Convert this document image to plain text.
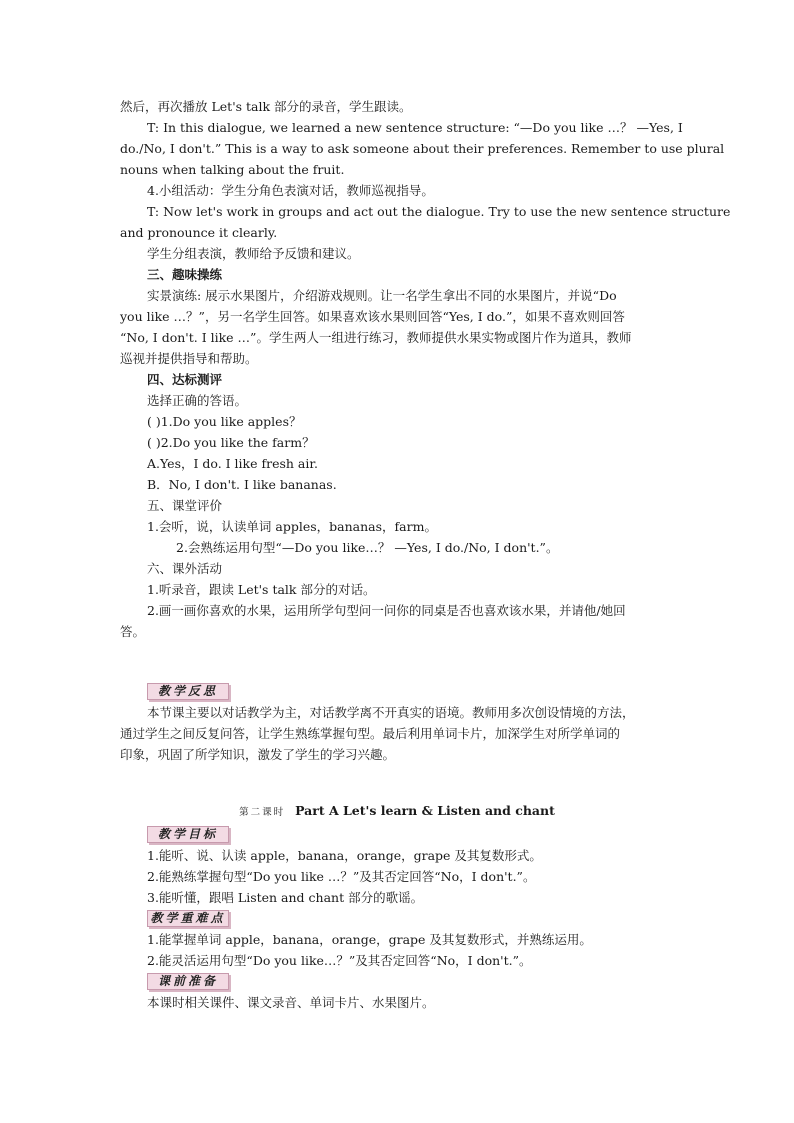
然后，再次播放 Let's talk 部分的录音，学生跟读。
T: In this dialogue, we learned a new sentence structure: “—Do you like …？ —Yes, I
do./No, I don't.” This is a way to ask someone about their preferences. Remember to use plural
nouns when talking about the fruit.
4.小组活动：学生分角色表演对话，教师巡视指导。
T: Now let's work in groups and act out the dialogue. Try to use the new sentence structure
and pronounce it clearly.
学生分组表演，教师给予反馈和建议。
三、趣味操练
实景演练: 展示水果图片，介绍游戏规则。让一名学生拿出不同的水果图片，并说“Do
you like …？”，另一名学生回答。如果喜欢该水果则回答“Yes, I do.”，如果不喜欢则回答
“No, I don't. I like …”。学生两人一组进行练习，教师提供水果实物或图片作为道具，教师
巡视并提供指导和帮助。
四、达标测评
选择正确的答语。
( )1.Do you like apples？
( )2.Do you like the farm？
A.Yes，I do. I like fresh air.
B．No, I don't. I like bananas.
五、课堂评价
1.会听，说，认读单词 apples，bananas，farm。
2.会熟练运用句型“—Do you like…？ —Yes, I do./No, I don't.”。
六、课外活动
1.听录音，跟读 Let's talk 部分的对话。
2.画一画你喜欢的水果，运用所学句型问一问你的同桌是否也喜欢该水果，并请他/她回
答。
教学反思
本节课主要以对话教学为主，对话教学离不开真实的语境。教师用多次创设情境的方法，
通过学生之间反复问答，让学生熟练掌握句型。最后利用单词卡片，加深学生对所学单词的
印象，巩固了所学知识，激发了学生的学习兴趣。
第二课时 Part A Let's learn & Listen and chant
教学目标
1.能听、说、认读 apple，banana，orange，grape 及其复数形式。
2.能熟练掌握句型“Do you like …？”及其否定回答“No，I don't.”。
3.能听懂，跟唱 Listen and chant 部分的歌谣。
教学重难点
1.能掌握单词 apple，banana，orange，grape 及其复数形式，并熟练运用。
2.能灵活运用句型“Do you like…？”及其否定回答“No，I don't.”。
课前准备
本课时相关课件、课文录音、单词卡片、水果图片。
